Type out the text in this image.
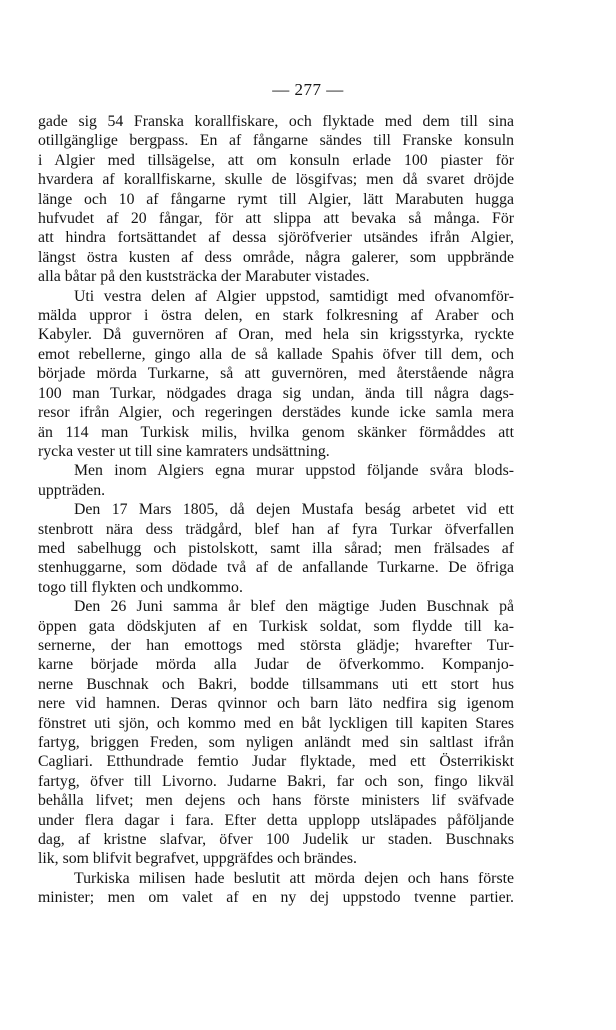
— 277 —

gade sig 54 Franska korallfiskare, och flyktade med dem till sina
otillgänglige bergpass. En af fångarne sändes till Franske konsuln
i Algier med tillsägelse, att om konsuln erlade 100 piaster för
hvardera af korallfiskarne, skulle de lösgifvas; men då svaret dröjde
länge och 10 af fångarne rymt till Algier, lätt Marabuten hugga
hufvudet af 20 fångar, för att slippa att bevaka så många. För
att hindra fortsättandet af dessa sjöröfverier utsändes ifrån Algier,
längst östra kusten af dess område, några galerer, som uppbrände
alla båtar på den kuststräcka der Marabuter vistades.

Uti vestra delen af Algier uppstod, samtidigt med ofvanomför-
mälda uppror i östra delen, en stark folkresning af Araber och
Kabyler. Då guvernören af Oran, med hela sin krigsstyrka, ryckte
emot rebellerne, gingo alla de så kallade Spahis öfver till dem, och
började mörda Turkarne, så att guvernören, med återstående några
100 man Turkar, nödgades draga sig undan, ända till några dags-
resor ifrån Algier, och regeringen derstädes kunde icke samla mera
än 114 man Turkisk milis, hvilka genom skänker förmåddes att
rycka vester ut till sine kamraters undsättning.

Men inom Algiers egna murar uppstod följande svåra blods-
uppträden.

Den 17 Mars 1805, då dejen Mustafa beság arbetet vid ett
stenbrott nära dess trädgård, blef han af fyra Turkar öfverfallen
med sabelhugg och pistolskott, samt illa sårad; men frälsades af
stenhuggarne, som dödade två af de anfallande Turkarne. De öfriga
togo till flykten och undkommo.

Den 26 Juni samma år blef den mägtige Juden Buschnak på
öppen gata dödskjuten af en Turkisk soldat, som flydde till ka-
sernerne, der han emottogs med största glädje; hvarefter Tur-
karne började mörda alla Judar de öfverkommo. Kompanjo-
nerne Buschnak och Bakri, bodde tillsammans uti ett stort hus
nere vid hamnen. Deras qvinnor och barn läto nedfira sig igenom
fönstret uti sjön, och kommo med en båt lyckligen till kapiten Stares
fartyg, briggen Freden, som nyligen anländt med sin saltlast ifrån
Cagliari. Etthundrade femtio Judar flyktade, med ett Österrikiskt
fartyg, öfver till Livorno. Judarne Bakri, far och son, fingo likväl
behålla lifvet; men dejens och hans förste ministers lif sväfvade
under flera dagar i fara. Efter detta upplopp utsläpades påföljande
dag, af kristne slafvar, öfver 100 Judelik ur staden. Buschnaks
lik, som blifvit begrafvet, uppgräfdes och brändes.

Turkiska milisen hade beslutit att mörda dejen och hans förste
minister; men om valet af en ny dej uppstodo tvenne partier.
